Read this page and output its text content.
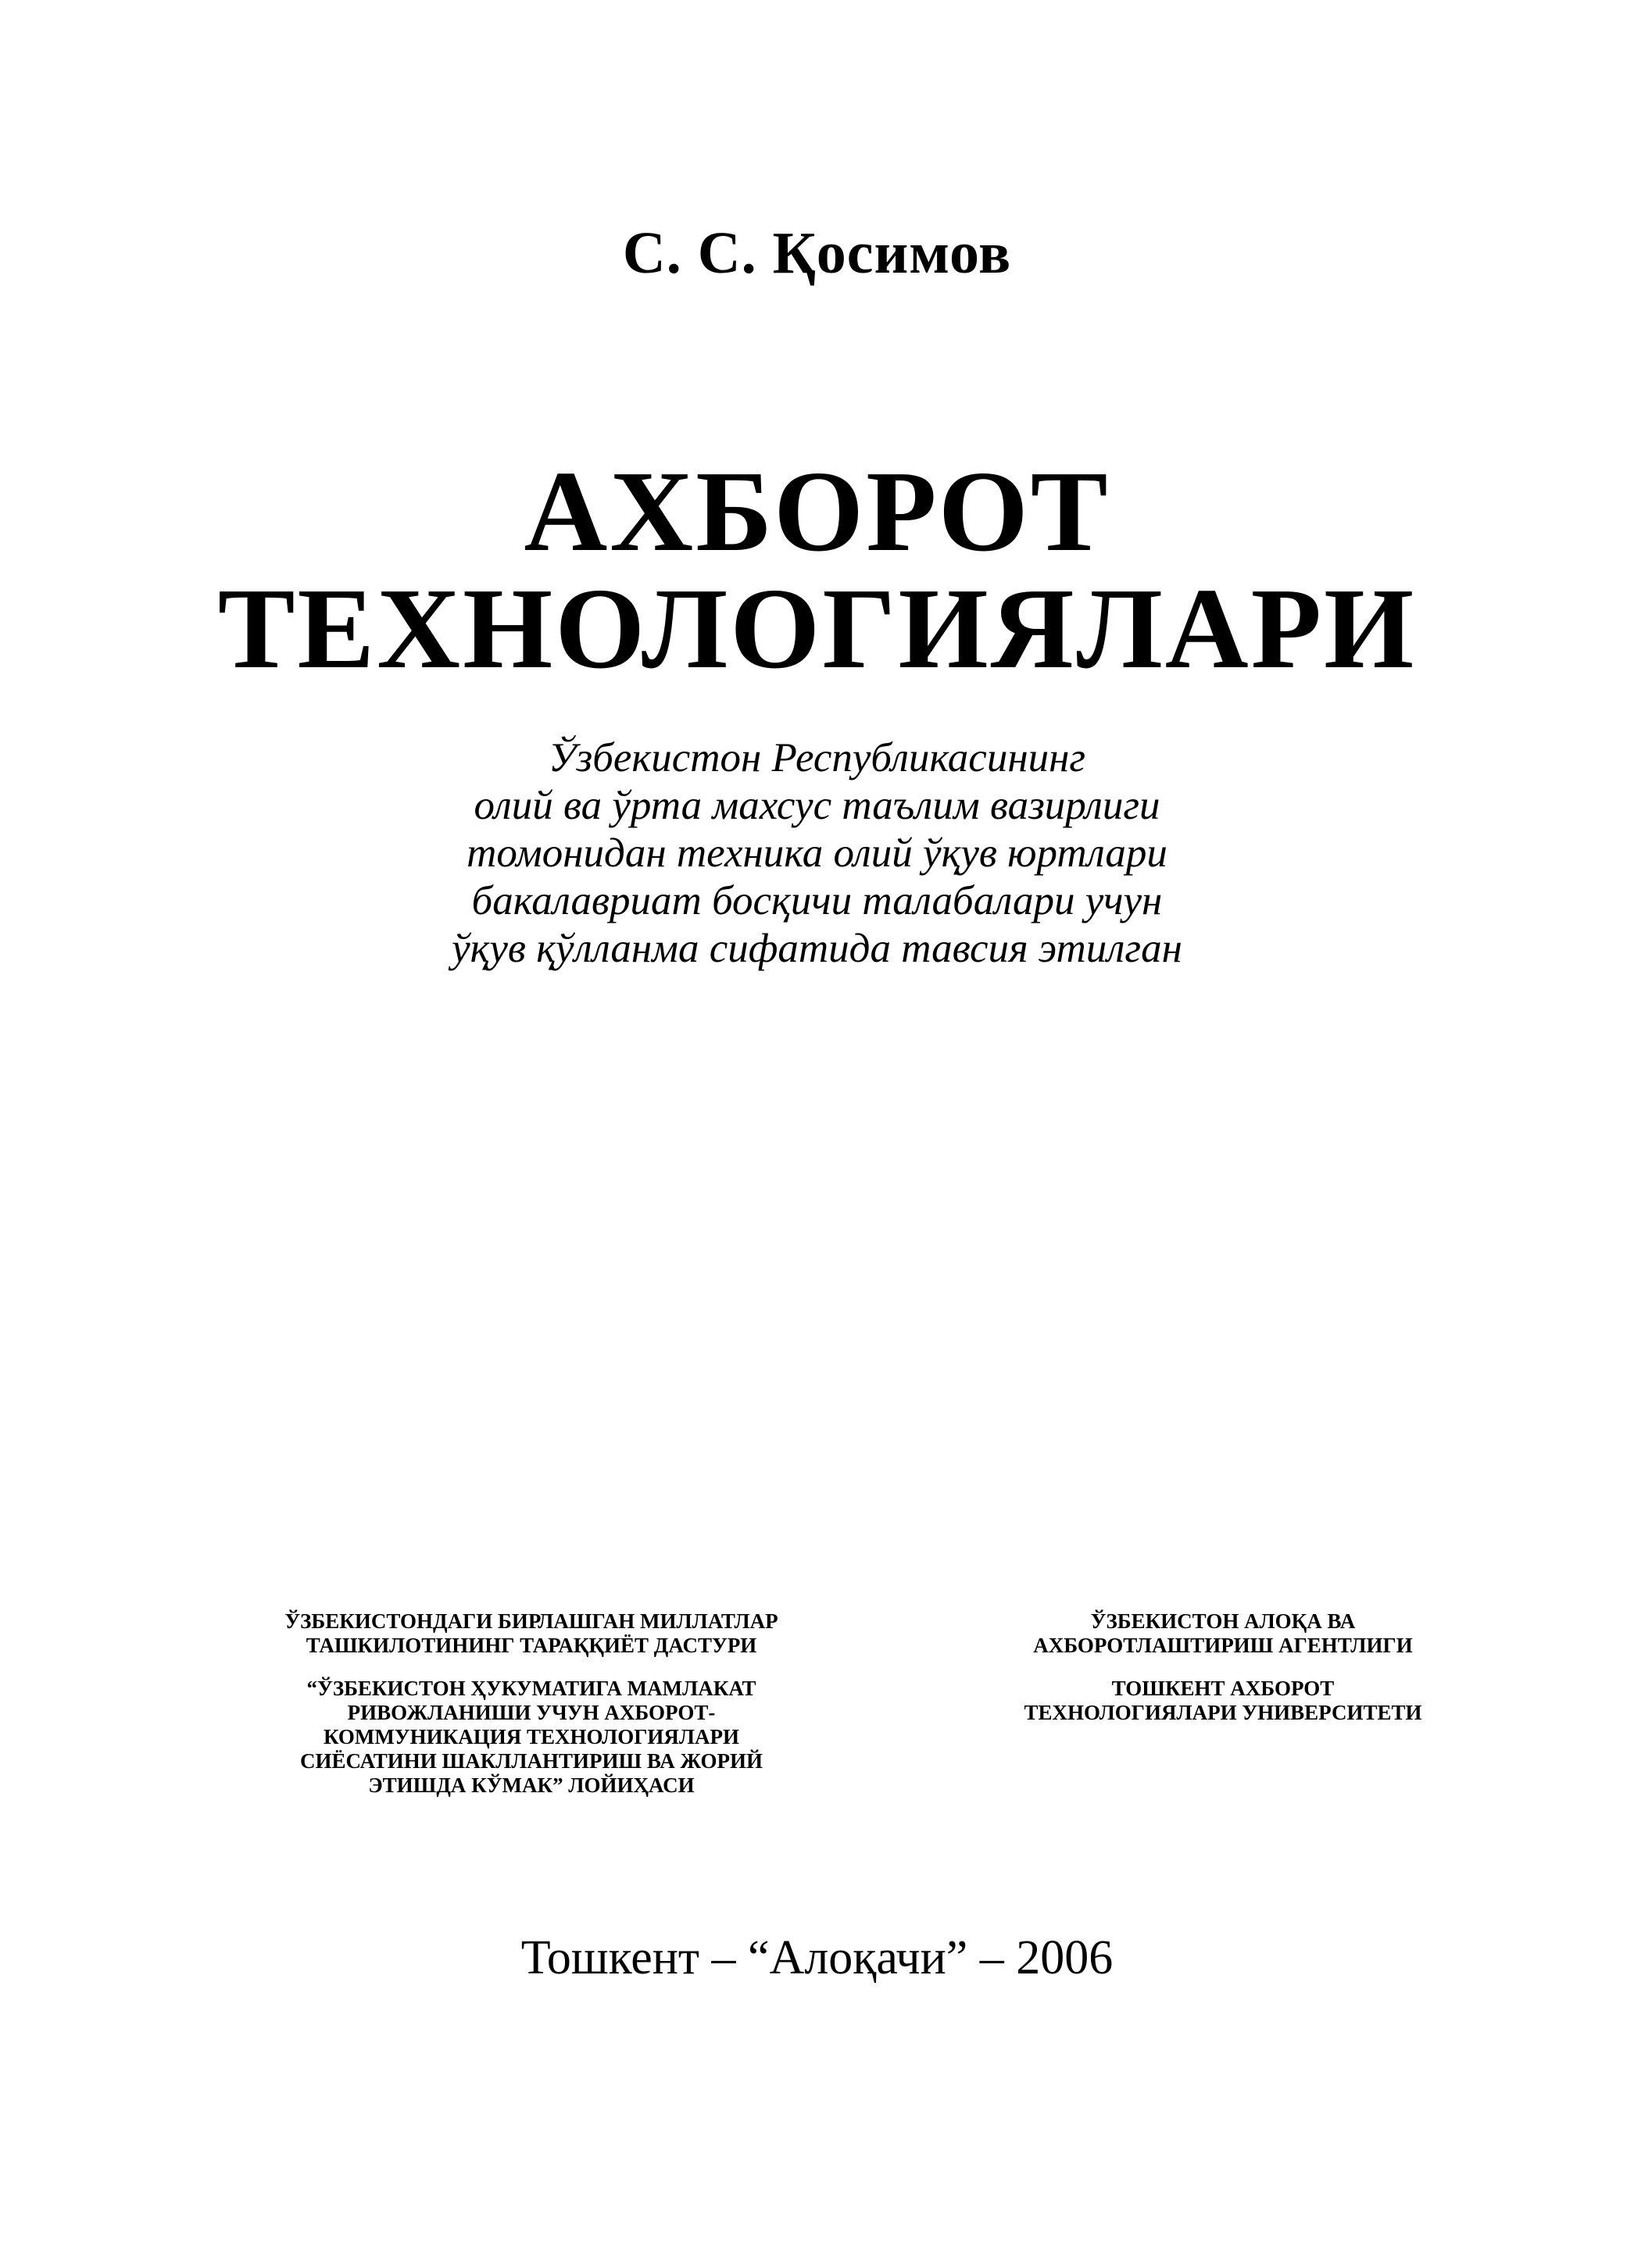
С. С. Қосимов
АХБОРОТ
ТЕХНОЛОГИЯЛАРИ
Ўзбекистон Республикасининг
олий ва ўрта махсус таълим вазирлиги
томонидан техника олий ўқув юртлари
бакалавриат босқичи талабалари учун
ўқув қўлланма сифатида тавсия этилган
ЎЗБЕКИСТОНДАГИ БИРЛАШГАН МИЛЛАТЛАР
ТАШКИЛОТИНИНГ ТАРАҚҚИЁТ ДАСТУРИ
“ЎЗБЕКИСТОН ҲУКУМАТИГА МАМЛАКАТ
РИВОЖЛАНИШИ УЧУН АХБОРОТ-
КОММУНИКАЦИЯ ТЕХНОЛОГИЯЛАРИ
СИЁСАТИНИ ШАКЛЛАНТИРИШ ВА ЖОРИЙ
ЭТИШДА КЎМАК” ЛОЙИҲАСИ
ЎЗБЕКИСТОН АЛОҚА ВА
АХБОРОТЛАШТИРИШ АГЕНТЛИГИ
ТОШКЕНТ АХБОРОТ
ТЕХНОЛОГИЯЛАРИ УНИВЕРСИТЕТИ
Тошкент – “Алоқачи” – 2006
